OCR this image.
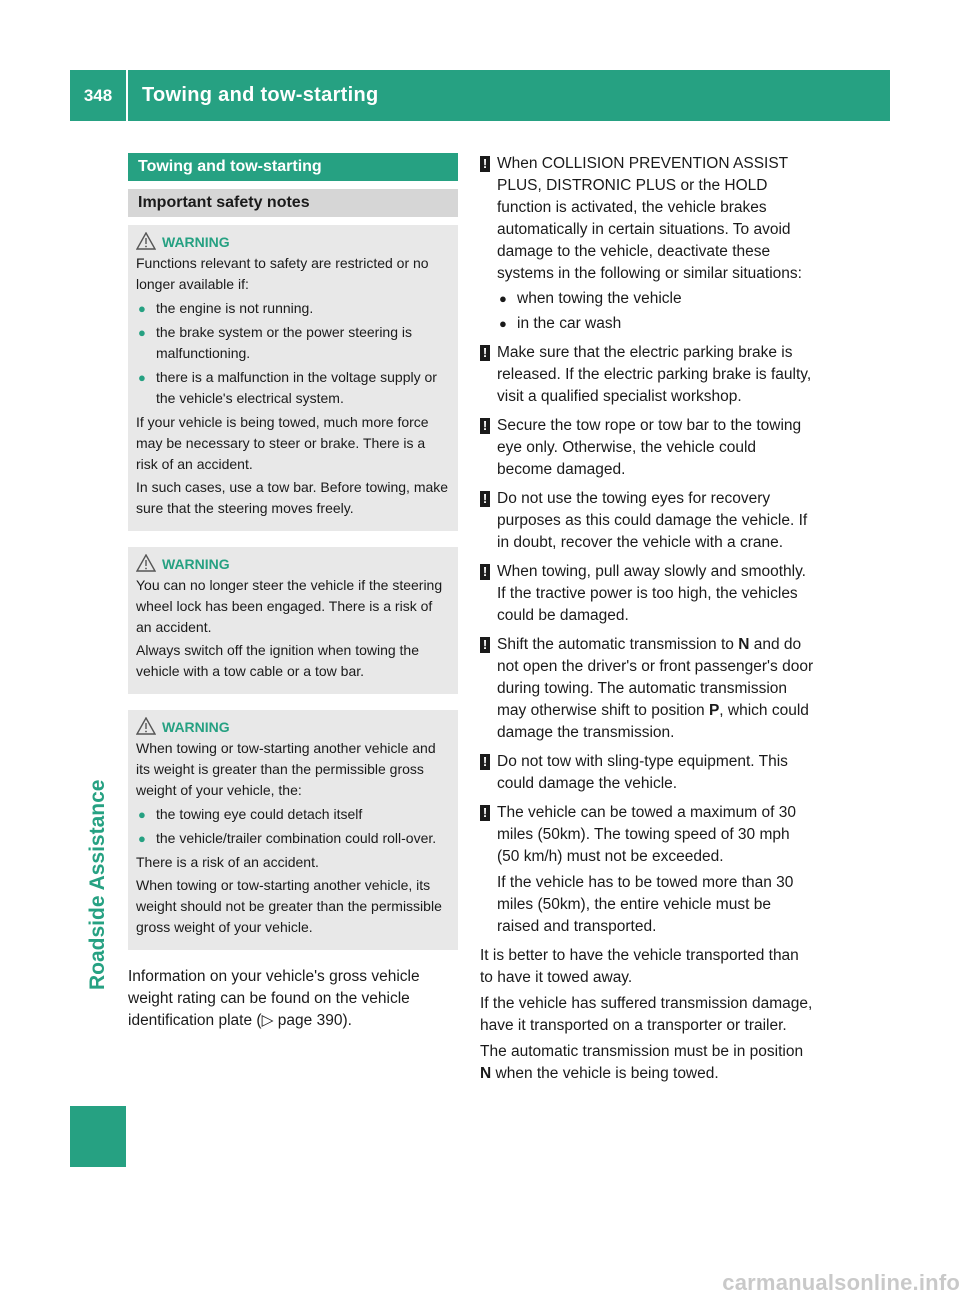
348	Towing and tow-starting
Roadside Assistance
Towing and tow-starting
Important safety notes
WARNING

Functions relevant to safety are restricted or no longer available if:

● the engine is not running.
● the brake system or the power steering is malfunctioning.
● there is a malfunction in the voltage supply or the vehicle's electrical system.

If your vehicle is being towed, much more force may be necessary to steer or brake. There is a risk of an accident.

In such cases, use a tow bar. Before towing, make sure that the steering moves freely.

WARNING

You can no longer steer the vehicle if the steering wheel lock has been engaged. There is a risk of an accident.

Always switch off the ignition when towing the vehicle with a tow cable or a tow bar.

WARNING

When towing or tow-starting another vehicle and its weight is greater than the permissible gross weight of your vehicle, the:

● the towing eye could detach itself
● the vehicle/trailer combination could roll-over.

There is a risk of an accident.

When towing or tow-starting another vehicle, its weight should not be greater than the permissible gross weight of your vehicle.

Information on your vehicle's gross vehicle weight rating can be found on the vehicle identification plate (▷ page 390).

! When COLLISION PREVENTION ASSIST PLUS, DISTRONIC PLUS or the HOLD function is activated, the vehicle brakes automatically in certain situations. To avoid damage to the vehicle, deactivate these systems in the following or similar situations:
● when towing the vehicle
● in the car wash
! Make sure that the electric parking brake is released. If the electric parking brake is faulty, visit a qualified specialist workshop.
! Secure the tow rope or tow bar to the towing eye only. Otherwise, the vehicle could become damaged.
! Do not use the towing eyes for recovery purposes as this could damage the vehicle. If in doubt, recover the vehicle with a crane.
! When towing, pull away slowly and smoothly. If the tractive power is too high, the vehicles could be damaged.
! Shift the automatic transmission to N and do not open the driver's or front passenger's door during towing. The automatic transmission may otherwise shift to position P, which could damage the transmission.
! Do not tow with sling-type equipment. This could damage the vehicle.
! The vehicle can be towed a maximum of 30 miles (50km). The towing speed of 30 mph (50 km/h) must not be exceeded.
If the vehicle has to be towed more than 30 miles (50km), the entire vehicle must be raised and transported.

It is better to have the vehicle transported than to have it towed away.

If the vehicle has suffered transmission damage, have it transported on a transporter or trailer.

The automatic transmission must be in position N when the vehicle is being towed.

carmanualsonline.info
